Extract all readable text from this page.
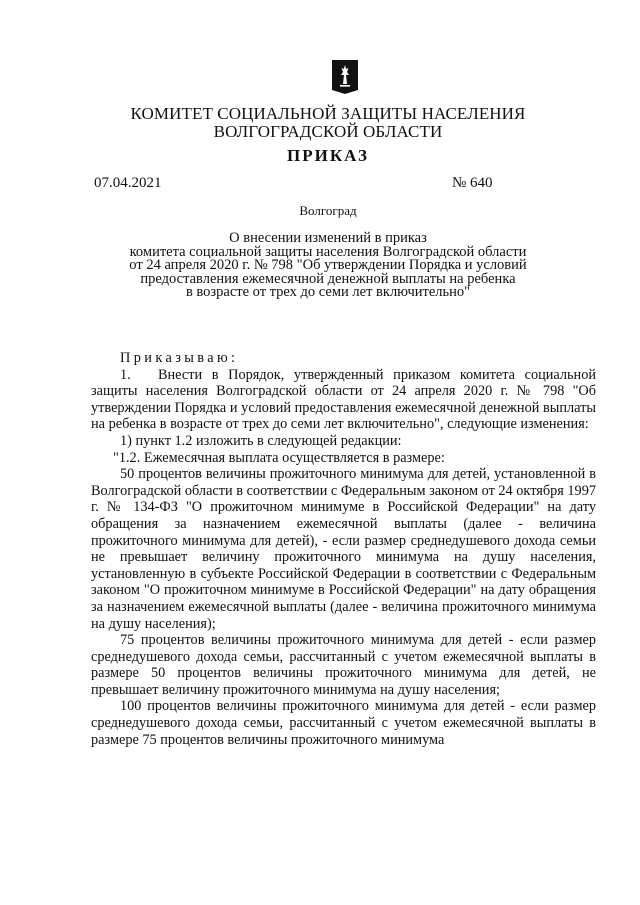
КОМИТЕТ СОЦИАЛЬНОЙ ЗАЩИТЫ НАСЕЛЕНИЯ
ВОЛГОГРАДСКОЙ ОБЛАСТИ
ПРИКАЗ
07.04.2021	№ 640
Волгоград
О внесении изменений в приказ
комитета социальной защиты населения Волгоградской области
от 24 апреля 2020 г. № 798 "Об утверждении Порядка и условий
предоставления ежемесячной денежной выплаты на ребенка
в возрасте от трех до семи лет включительно"

Приказываю:

1. Внести в Порядок, утвержденный приказом комитета социальной защиты населения Волгоградской области от 24 апреля 2020 г. № 798 "Об утверждении Порядка и условий предоставления ежемесячной денежной выплаты на ребенка в возрасте от трех до семи лет включительно", следующие изменения:

1) пункт 1.2 изложить в следующей редакции:

"1.2. Ежемесячная выплата осуществляется в размере:

50 процентов величины прожиточного минимума для детей, установленной в Волгоградской области в соответствии с Федеральным законом от 24 октября 1997 г. № 134-ФЗ "О прожиточном минимуме в Российской Федерации" на дату обращения за назначением ежемесячной выплаты (далее - величина прожиточного минимума для детей), - если размер среднедушевого дохода семьи не превышает величину прожиточного минимума на душу населения, установленную в субъекте Российской Федерации в соответствии с Федеральным законом "О прожиточном минимуме в Российской Федерации" на дату обращения за назначением ежемесячной выплаты (далее - величина прожиточного минимума на душу населения);

75 процентов величины прожиточного минимума для детей - если размер среднедушевого дохода семьи, рассчитанный с учетом ежемесячной выплаты в размере 50 процентов величины прожиточного минимума для детей, не превышает величину прожиточного минимума на душу населения;

100 процентов величины прожиточного минимума для детей - если размер среднедушевого дохода семьи, рассчитанный с учетом ежемесячной выплаты в размере 75 процентов величины прожиточного минимума
